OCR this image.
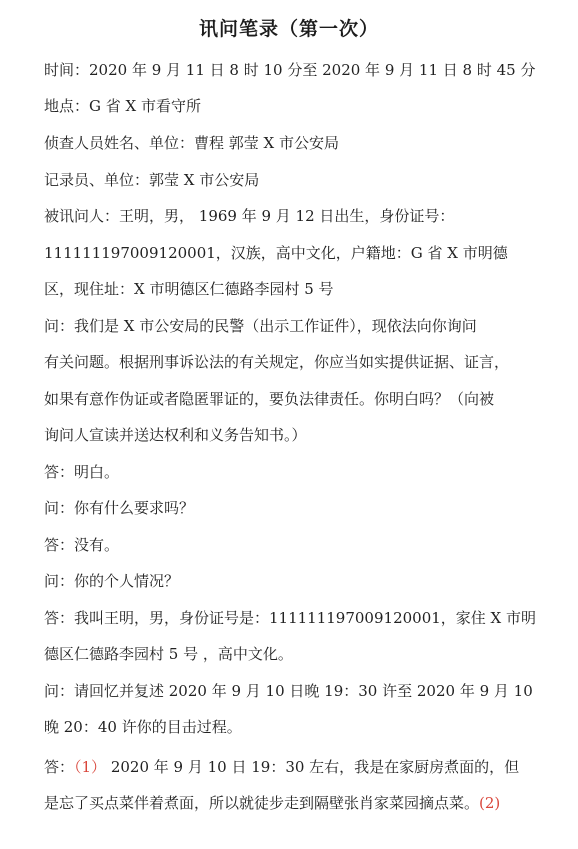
讯问笔录（第一次）
时间：2020 年 9 月 11 日 8 时 10 分至 2020 年 9 月 11 日 8 时 45 分
地点：G 省 X 市看守所
侦查人员姓名、单位：曹程 郭莹 X 市公安局
记录员、单位：郭莹 X 市公安局
被讯问人：王明，男， 1969 年 9 月 12 日出生，身份证号：
111111197009120001，汉族，高中文化，户籍地：G 省 X 市明德
区，现住址：X 市明德区仁德路李园村 5 号
问：我们是 X 市公安局的民警（出示工作证件），现依法向你询问
有关问题。根据刑事诉讼法的有关规定，你应当如实提供证据、证言，
如果有意作伪证或者隐匿罪证的，要负法律责任。你明白吗？（向被
询问人宣读并送达权利和义务告知书。）
答：明白。
问：你有什么要求吗？
答：没有。
问：你的个人情况？
答：我叫王明，男，身份证号是：111111197009120001，家住 X 市明
德区仁德路李园村 5 号 ，高中文化。
问：请回忆并复述 2020 年 9 月 10 日晚 19：30 许至 2020 年 9 月 10
晚 20：40 许你的目击过程。
答：（1） 2020 年 9 月 10 日 19：30 左右，我是在家厨房煮面的，但
是忘了买点菜伴着煮面，所以就徒步走到隔壁张肖家菜园摘点菜。(2)
